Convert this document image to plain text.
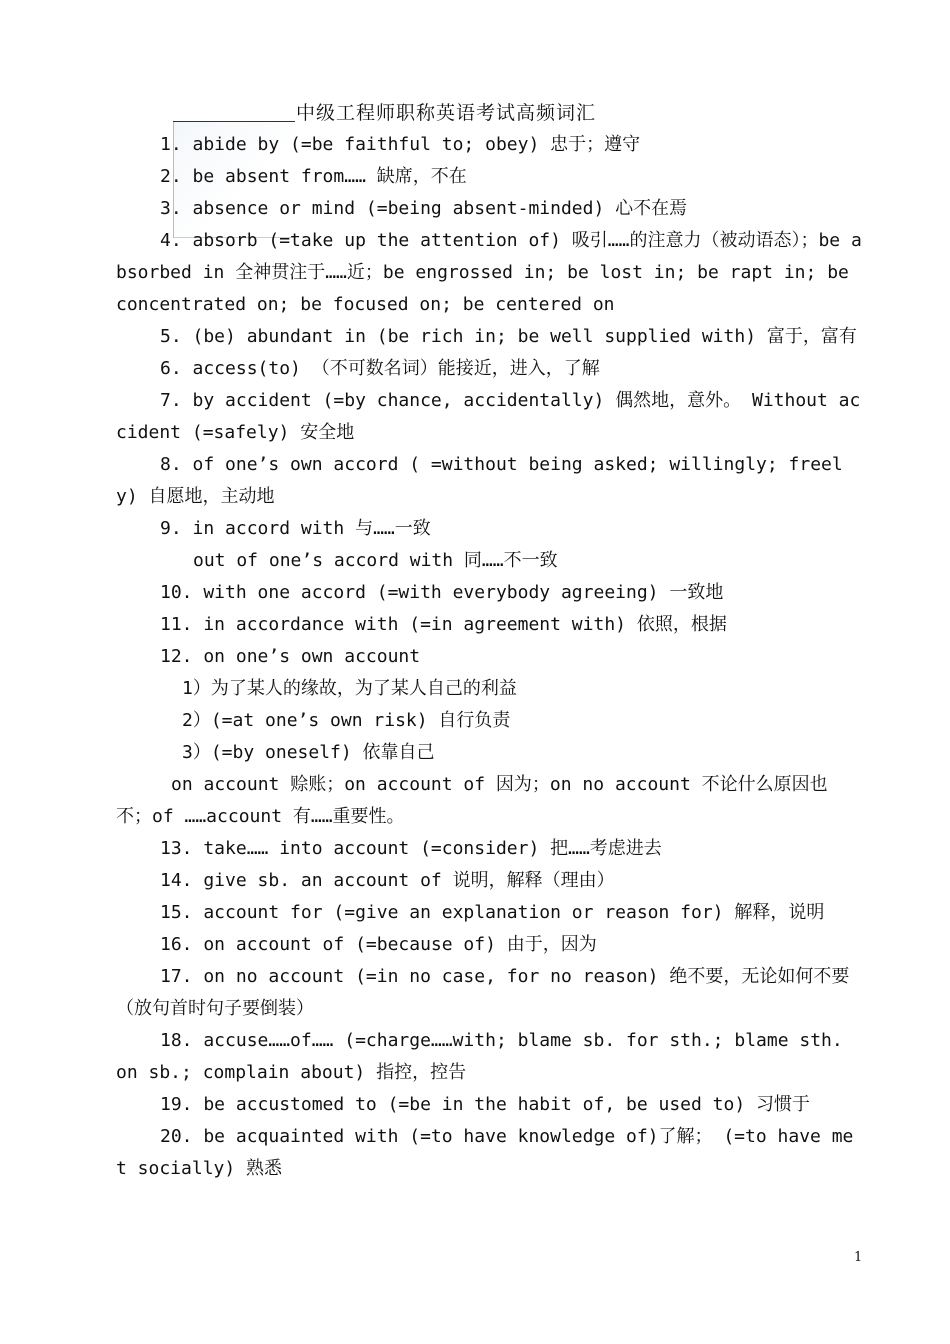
中级工程师职称英语考试高频词汇

1. abide by (=be faithful to; obey) 忠于；遵守

2. be absent from…… 缺席，不在

3. absence or mind (=being absent-minded) 心不在焉

4. absorb (=take up the attention of) 吸引……的注意力（被动语态）；be absorbed in 全神贯注于……近；be engrossed in; be lost in; be rapt in; be concentrated on; be focused on; be centered on

5. (be) abundant in (be rich in; be well supplied with) 富于，富有

6. access(to) （不可数名词）能接近，进入，了解

7. by accident (=by chance, accidentally) 偶然地，意外。 Without accident (=safely) 安全地

8. of one’s own accord ( =without being asked; willingly; freely) 自愿地，主动地

9. in accord with 与……一致

out of one’s accord with 同……不一致

10. with one accord (=with everybody agreeing) 一致地

11. in accordance with (=in agreement with) 依照，根据

12. on one’s own account

1）为了某人的缘故，为了某人自己的利益

2）(=at one’s own risk) 自行负责

3）(=by oneself) 依靠自己

on account 赊账；on account of 因为；on no account 不论什么原因也不；of ……account 有……重要性。

13. take…… into account (=consider) 把……考虑进去

14. give sb. an account of 说明，解释（理由）

15. account for (=give an explanation or reason for) 解释，说明

16. on account of (=because of) 由于，因为

17. on no account (=in no case, for no reason) 绝不要，无论如何不要（放句首时句子要倒装）

18. accuse……of…… (=charge……with; blame sb. for sth.; blame sth. on sb.; complain about) 指控，控告

19. be accustomed to (=be in the habit of, be used to) 习惯于

20. be acquainted with (=to have knowledge of)了解； (=to have met socially) 熟悉

1
